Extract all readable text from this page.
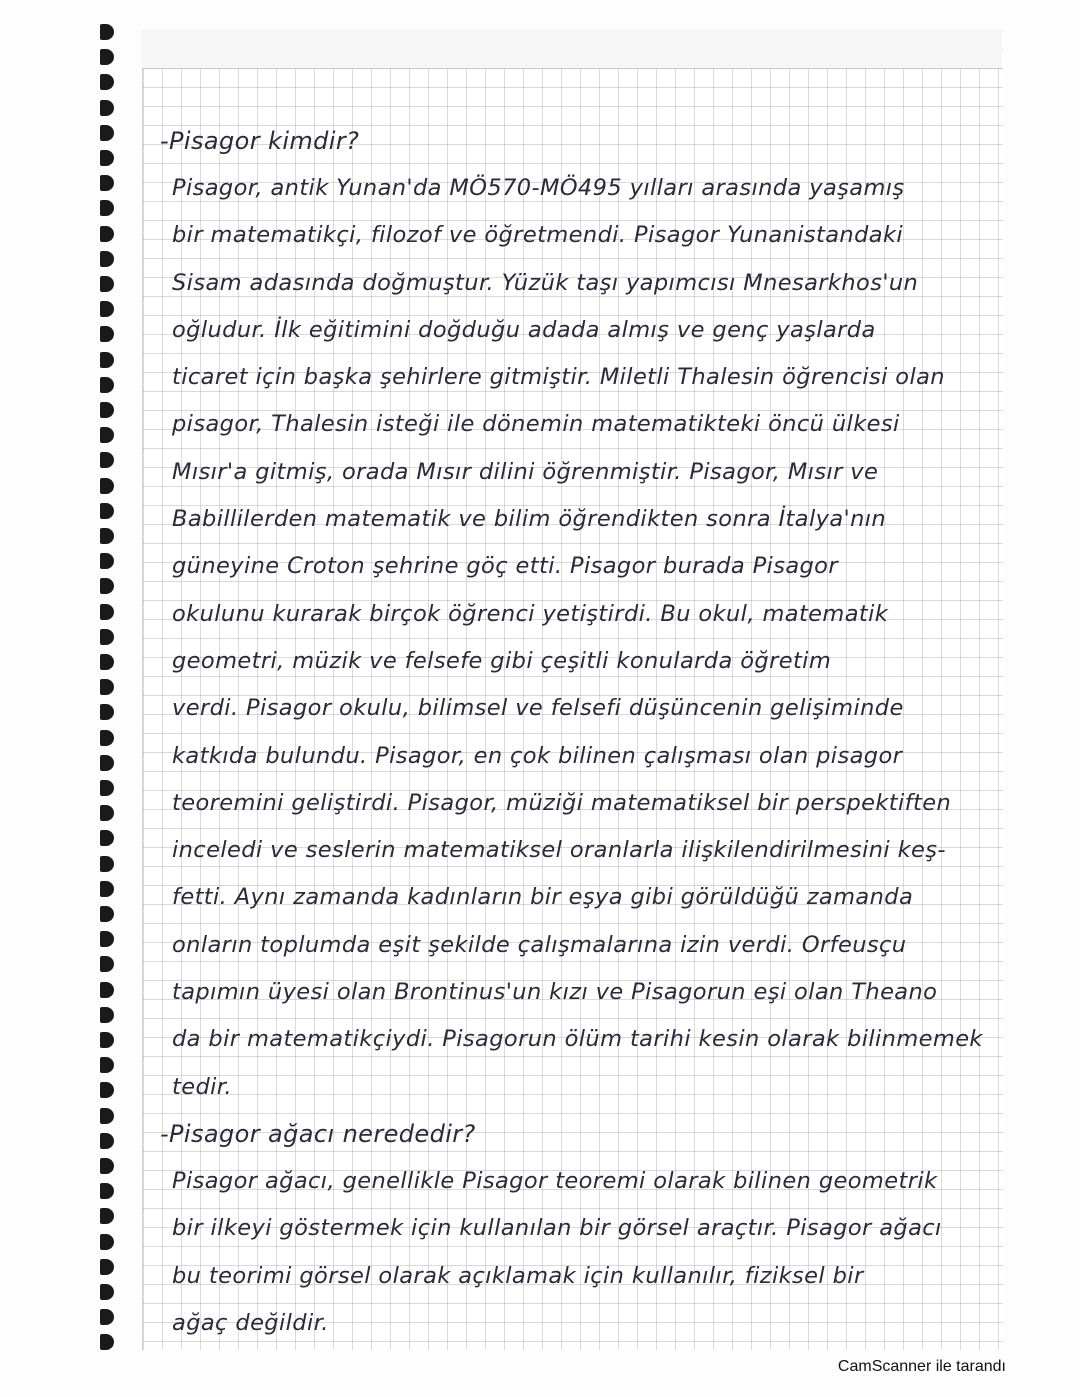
-Pisagor kimdir?
Pisagor, antik Yunan'da MÖ570-MÖ495 yılları arasında yaşamış
bir matematikçi, filozof ve öğretmendi. Pisagor Yunanistandaki
Sisam adasında doğmuştur. Yüzük taşı yapımcısı Mnesarkhos'un
oğludur. İlk eğitimini doğduğu adada almış ve genç yaşlarda
ticaret için başka şehirlere gitmiştir. Miletli Thalesin öğrencisi olan
pisagor, Thalesin isteği ile dönemin matematikteki öncü ülkesi
Mısır'a gitmiş, orada Mısır dilini öğrenmiştir. Pisagor, Mısır ve
Babillilerden matematik ve bilim öğrendikten sonra İtalya'nın
güneyine Croton şehrine göç etti. Pisagor burada Pisagor
okulunu kurarak birçok öğrenci yetiştirdi. Bu okul, matematik
geometri, müzik ve felsefe gibi çeşitli konularda öğretim
verdi. Pisagor okulu, bilimsel ve felsefi düşüncenin gelişiminde
katkıda bulundu. Pisagor, en çok bilinen çalışması olan pisagor
teoremini geliştirdi. Pisagor, müziği matematiksel bir perspektiften
inceledi ve seslerin matematiksel oranlarla ilişkilendirilmesini keş-
fetti. Aynı zamanda kadınların bir eşya gibi görüldüğü zamanda
onların toplumda eşit şekilde çalışmalarına izin verdi. Orfeusçu
tapımın üyesi olan Brontinus'un kızı ve Pisagorun eşi olan Theano
da bir matematikçiydi. Pisagorun ölüm tarihi kesin olarak bilinmemek
tedir.
-Pisagor ağacı nerededir?
Pisagor ağacı, genellikle Pisagor teoremi olarak bilinen geometrik
bir ilkeyi göstermek için kullanılan bir görsel araçtır. Pisagor ağacı
bu teorimi görsel olarak açıklamak için kullanılır, fiziksel bir
ağaç değildir.
CamScanner ile tarandı
